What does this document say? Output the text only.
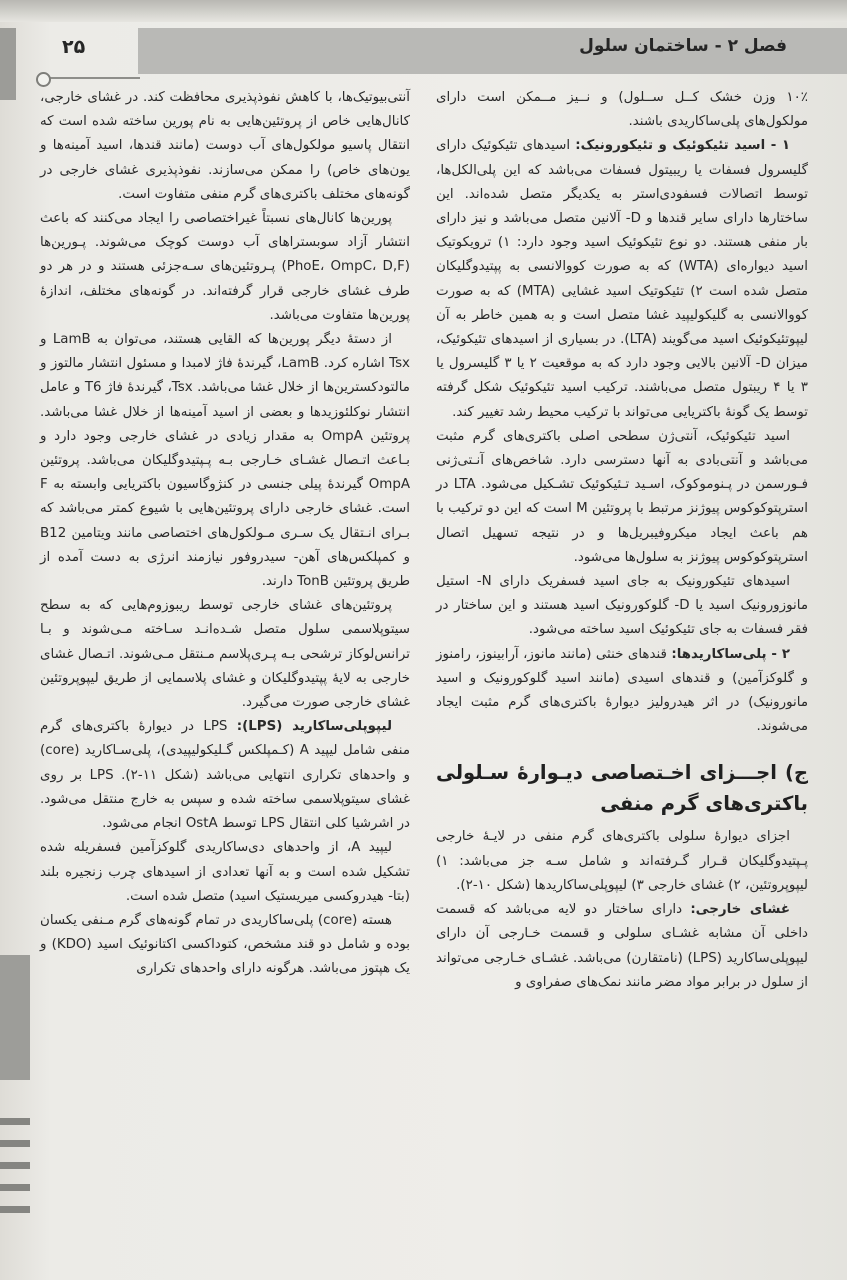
فصل ۲ - ساختمان سلول
۲۵

۱۰٪ وزن خشک کــل ســلول) و نــیز مــمکن است دارای مولکول‌های پلی‌ساکاریدی باشند.

۱ - اسید تئیکوئیک و تئیکورونیک: اسیدهای تئیکوئیک دارای گلیسرول فسفات یا ریبیتول فسفات می‌باشد که این پلی‌الکل‌ها، توسط اتصالات فسفودی‌استر به یکدیگر متصل شده‌اند. این ساختارها دارای سایر قندها و D- آلانین متصل می‌باشد و نیز دارای بار منفی هستند. دو نوع تئیکوئیک اسید وجود دارد: ۱) ترویکوتیک اسید دیواره‌ای (WTA) که به صورت کووالانسی به پپتیدوگلیکان متصل شده است ۲) تئیکوتیک اسید غشایی (MTA) که به صورت کووالانسی به گلیکولیپید غشا متصل است و به همین خاطر به آن لیپوتئیکوئیک اسید می‌گویند (LTA). در بسیاری از اسیدهای تئیکوئیک، میزان D- آلانین بالایی وجود دارد که به موقعیت ۲ یا ۳ گلیسرول یا ۳ یا ۴ ریبتول متصل می‌باشند. ترکیب اسید تئیکوئیک شکل گرفته توسط یک گونهٔ باکتریایی می‌تواند با ترکیب محیط رشد تغییر کند.

اسید تئیکوئیک، آنتی‌ژن سطحی اصلی باکتری‌های گرم مثبت می‌باشد و آنتی‌بادی به آنها دسترسی دارد. شاخص‌های آنـتی‌ژنی فـورسمن در پـنوموکوک، اسـید تـئیکوئیک تشـکیل می‌شود. LTA در استرپتوکوکوس پیوژنز مرتبط با پروتئین M است که این دو ترکیب با هم باعث ایجاد میکروفیبریل‌ها و در نتیجه تسهیل اتصال استرپتوکوکوس پیوژنز به سلول‌ها می‌شود.

اسیدهای تئیکورونیک به جای اسید فسفریک دارای N- استیل مانوزورونیک اسید یا D- گلوکورونیک اسید هستند و این ساختار در فقر فسفات به جای تئیکوئیک اسید ساخته می‌شود.

۲ - پلی‌ساکاریدها: قندهای خنثی (مانند مانوز، آرابینوز، رامنوز و گلوکزآمین) و قندهای اسیدی (مانند اسید گلوکورونیک و اسید مانورونیک) در اثر هیدرولیز دیوارهٔ باکتری‌های گرم مثبت ایجاد می‌شوند.

ج) اجـــزای اخـتصاصی دیـوارهٔ سـلولی باکتری‌های گرم منفی

اجزای دیوارهٔ سلولی باکتری‌های گرم منفی در لایـهٔ خارجی پـپتیدوگلیکان قـرار گـرفته‌اند و شامل سـه جز می‌باشد: ۱) لیپوپروتئین، ۲) غشای خارجی ۳) لیپوپلی‌ساکاریدها (شکل ۱۰-۲).

غشای خارجی: دارای ساختار دو لایه می‌باشد که قسمت داخلی آن مشابه غشـای سلولی و قسمت خـارجی آن دارای لیپوپلی‌ساکارید (LPS) (نامتقارن) می‌باشد. غشـای خـارجی می‌تواند از سلول در برابر مواد مضر مانند نمک‌های صفراوی و

آنتی‌بیوتیک‌ها، با کاهش نفوذپذیری محافظت کند. در غشای خارجی، کانال‌هایی خاص از پروتئین‌هایی به نام پورین ساخته شده است که انتقال پاسیو مولکول‌های آب دوست (مانند قندها، اسید آمینه‌ها و یون‌های خاص) را ممکن می‌سازند. نفوذپذیری غشای خارجی در گونه‌های مختلف باکتری‌های گرم منفی متفاوت است.

پورین‌ها کانال‌های نسبتاً غیراختصاصی را ایجاد می‌کنند که باعث انتشار آزاد سوبستراهای آب دوست کوچک می‌شوند. پـورین‌ها (PhoE، OmpC، D,F) پـروتئین‌های سـه‌جزئی هستند و در هر دو طرف غشای خارجی قرار گرفته‌اند. در گونه‌های مختلف، اندازهٔ پورین‌ها متفاوت می‌باشد.

از دستهٔ دیگر پورین‌ها که القایی هستند، می‌توان به LamB و Tsx اشاره کرد. LamB، گیرندهٔ فاژ لامبدا و مسئول انتشار مالتوز و مالتودکسترین‌ها از خلال غشا می‌باشد. Tsx، گیرندهٔ فاژ T6 و عامل انتشار نوکلئوزیدها و بعضی از اسید آمینه‌ها از خلال غشا می‌باشد. پروتئین OmpA به مقدار زیادی در غشای خارجی وجود دارد و بـاعث اتـصال غشـای خـارجی بـه پـپتیدوگلیکان می‌باشد. پروتئین OmpA گیرندهٔ پیلی جنسی در کنژوگاسیون باکتریایی وابسته به F است. غشای خارجی دارای پروتئین‌هایی با شیوع کمتر می‌باشد که بـرای انـتقال یک سـری مـولکول‌های اختصاصی مانند ویتامین B12 و کمپلکس‌های آهن- سیدروفور نیازمند انرژی به دست آمده از طریق پروتئین TonB دارند.

پروتئین‌های غشای خارجی توسط ریبوزوم‌هایی که به سطح سیتوپلاسمی سلول متصل شـده‌انـد سـاخته مـی‌شوند و بـا ترانس‌لوکاز ترشحی بـه پـری‌پلاسم مـنتقل مـی‌شوند. اتـصال غشای خارجی به لایهٔ پپتیدوگلیکان و غشای پلاسمایی از طریق لیپوپروتئین غشای خارجی صورت می‌گیرد.

لیپوپلی‌ساکارید (LPS): LPS در دیوارهٔ باکتری‌های گرم منفی شامل لیپید A (کـمپلکس گـلیکولیپیدی)، پلی‌سـاکارید (core) و واحدهای تکراری انتهایی می‌باشد (شکل ۱۱-۲). LPS بر روی غشای سیتوپلاسمی ساخته شده و سپس به خارج منتقل می‌شود. در اشرشیا کلی انتقال LPS توسط OstA انجام می‌شود.

لیپید A، از واحدهای دی‌ساکاریدی گلوکزآمین فسفریله شده تشکیل شده است و به آنها تعدادی از اسیدهای چرب زنجیره بلند (بتا- هیدروکسی میریستیک اسید) متصل شده است.

هسته (core) پلی‌ساکاریدی در تمام گونه‌های گرم مـنفی یکسان بوده و شامل دو قند مشخص، کتوداکسی اکتانوئیک اسید (KDO) و یک هپتوز می‌باشد. هرگونه دارای واحدهای تکراری
